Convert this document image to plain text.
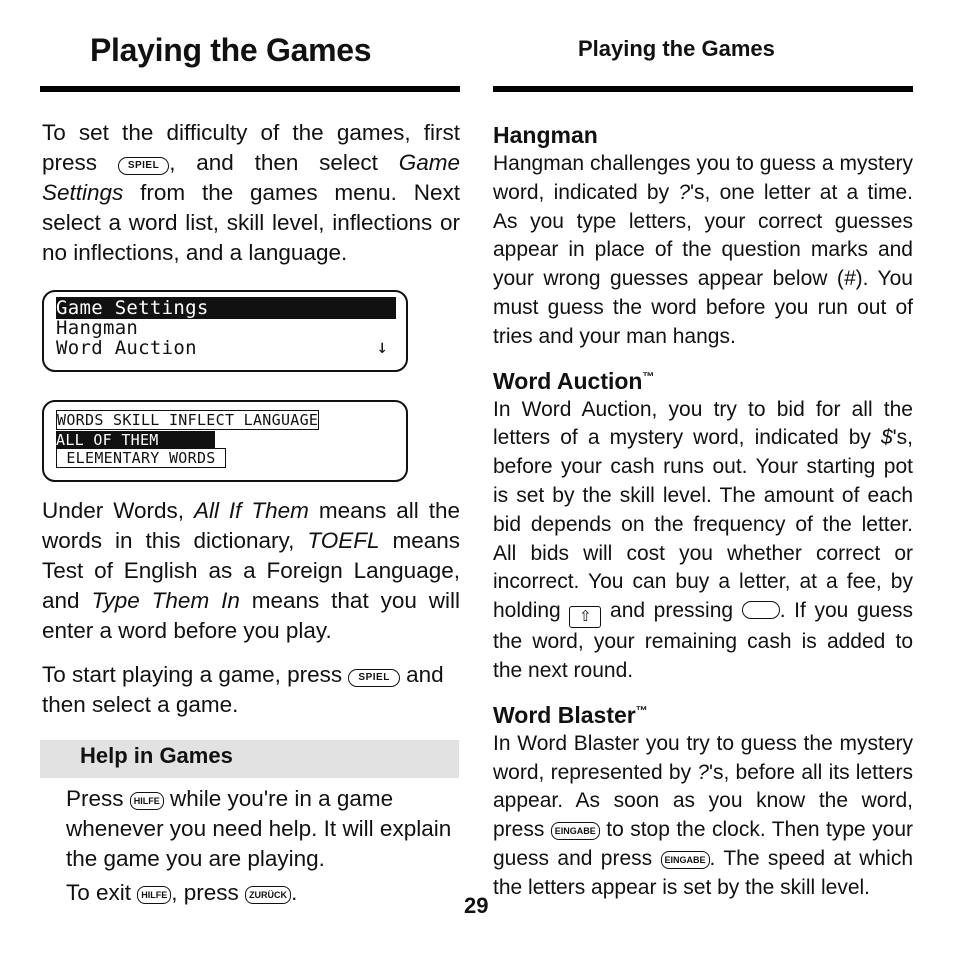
Playing the Games	Playing the Games

To set the difficulty of the games, first press SPIEL , and then select Game Settings from the games menu. Next select a word list, skill level, inflections or no inflections, and a language.

Game Settings
Hangman
Word Auction	↓
WORDS SKILL INFLECT LANGUAGE
ALL OF THEM
ELEMENTARY WORDS

Under Words, All If Them means all the words in this dictionary, TOEFL means Test of English as a Foreign Language, and Type Them In means that you will enter a word before you play.

To start playing a game, press SPIEL and then select a game.

Help in Games

Press HILFE while you're in a game whenever you need help. It will explain the game you are playing.

To exit HILFE , press ZURÜCK .

29
Hangman

Hangman challenges you to guess a mystery word, indicated by ?'s, one letter at a time. As you type letters, your correct guesses appear in place of the question marks and your wrong guesses appear below (#). You must guess the word before you run out of tries and your man hangs.

Word Auction™

In Word Auction, you try to bid for all the letters of a mystery word, indicated by $'s, before your cash runs out. Your starting pot is set by the skill level. The amount of each bid depends on the frequency of the letter. All bids will cost you whether correct or incorrect. You can buy a letter, at a fee, by holding ⇧ and pressing . If you guess the word, your remaining cash is added to the next round.

Word Blaster™

In Word Blaster you try to guess the mystery word, represented by ?'s, before all its letters appear. As soon as you know the word, press EINGABE to stop the clock. Then type your guess and press EINGABE . The speed at which the letters appear is set by the skill level.
